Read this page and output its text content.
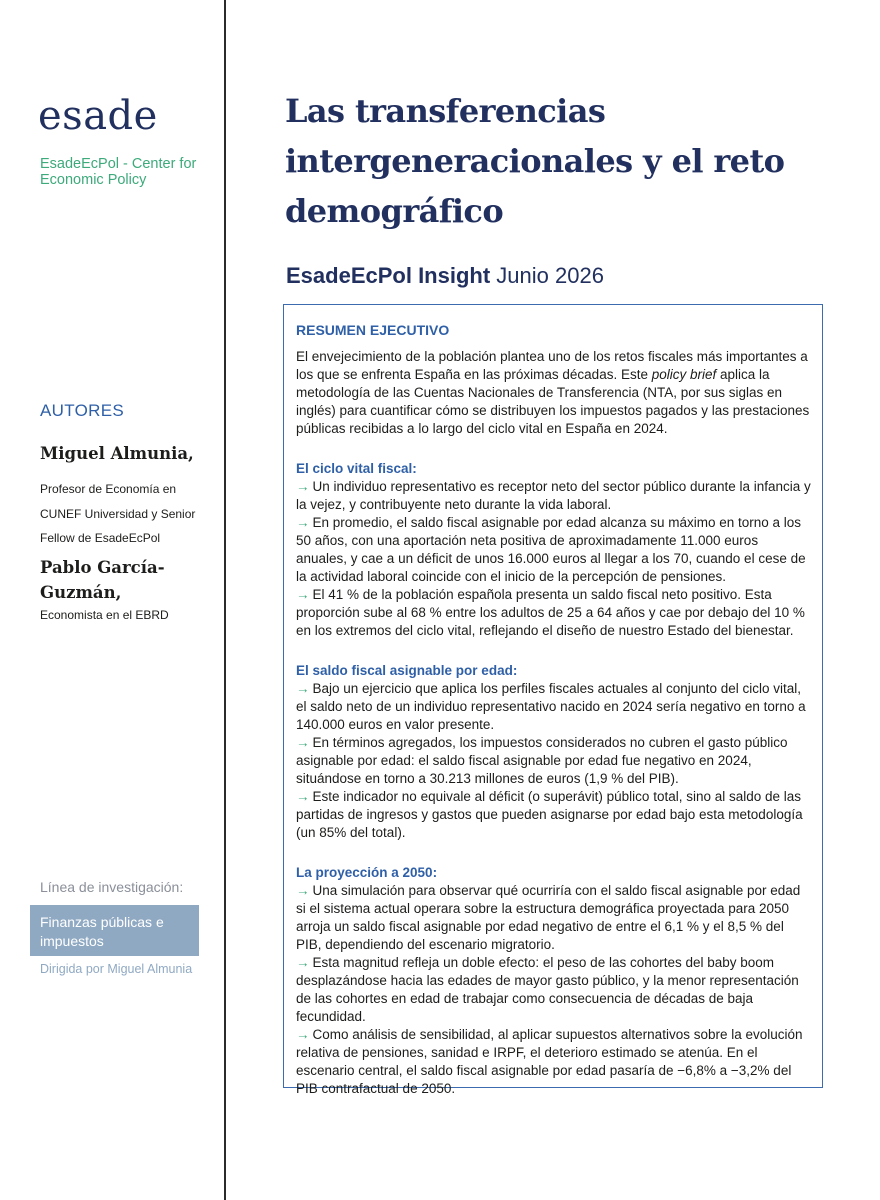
esade
EsadeEcPol - Center for Economic Policy
AUTORES
Miguel Almunia,
Profesor de Economía en CUNEF Universidad y Senior Fellow de EsadeEcPol
Pablo García-Guzmán,
Economista en el EBRD
Línea de investigación:
Finanzas públicas e impuestos
Dirigida por Miguel Almunia
Las transferencias intergeneracionales y el reto demográfico
EsadeEcPol Insight Junio 2026
RESUMEN EJECUTIVO
El envejecimiento de la población plantea uno de los retos fiscales más importantes a los que se enfrenta España en las próximas décadas. Este policy brief aplica la metodología de las Cuentas Nacionales de Transferencia (NTA, por sus siglas en inglés) para cuantificar cómo se distribuyen los impuestos pagados y las prestaciones públicas recibidas a lo largo del ciclo vital en España en 2024.
El ciclo vital fiscal:
→ Un individuo representativo es receptor neto del sector público durante la infancia y la vejez, y contribuyente neto durante la vida laboral.
→ En promedio, el saldo fiscal asignable por edad alcanza su máximo en torno a los 50 años, con una aportación neta positiva de aproximadamente 11.000 euros anuales, y cae a un déficit de unos 16.000 euros al llegar a los 70, cuando el cese de la actividad laboral coincide con el inicio de la percepción de pensiones.
→ El 41 % de la población española presenta un saldo fiscal neto positivo. Esta proporción sube al 68 % entre los adultos de 25 a 64 años y cae por debajo del 10 % en los extremos del ciclo vital, reflejando el diseño de nuestro Estado del bienestar.
El saldo fiscal asignable por edad:
→ Bajo un ejercicio que aplica los perfiles fiscales actuales al conjunto del ciclo vital, el saldo neto de un individuo representativo nacido en 2024 sería negativo en torno a 140.000 euros en valor presente.
→ En términos agregados, los impuestos considerados no cubren el gasto público asignable por edad: el saldo fiscal asignable por edad fue negativo en 2024, situándose en torno a 30.213 millones de euros (1,9 % del PIB).
→ Este indicador no equivale al déficit (o superávit) público total, sino al saldo de las partidas de ingresos y gastos que pueden asignarse por edad bajo esta metodología (un 85% del total).
La proyección a 2050:
→ Una simulación para observar qué ocurriría con el saldo fiscal asignable por edad si el sistema actual operara sobre la estructura demográfica proyectada para 2050 arroja un saldo fiscal asignable por edad negativo de entre el 6,1 % y el 8,5 % del PIB, dependiendo del escenario migratorio.
→ Esta magnitud refleja un doble efecto: el peso de las cohortes del baby boom desplazándose hacia las edades de mayor gasto público, y la menor representación de las cohortes en edad de trabajar como consecuencia de décadas de baja fecundidad.
→ Como análisis de sensibilidad, al aplicar supuestos alternativos sobre la evolución relativa de pensiones, sanidad e IRPF, el deterioro estimado se atenúa. En el escenario central, el saldo fiscal asignable por edad pasaría de −6,8% a −3,2% del PIB contrafactual de 2050.
